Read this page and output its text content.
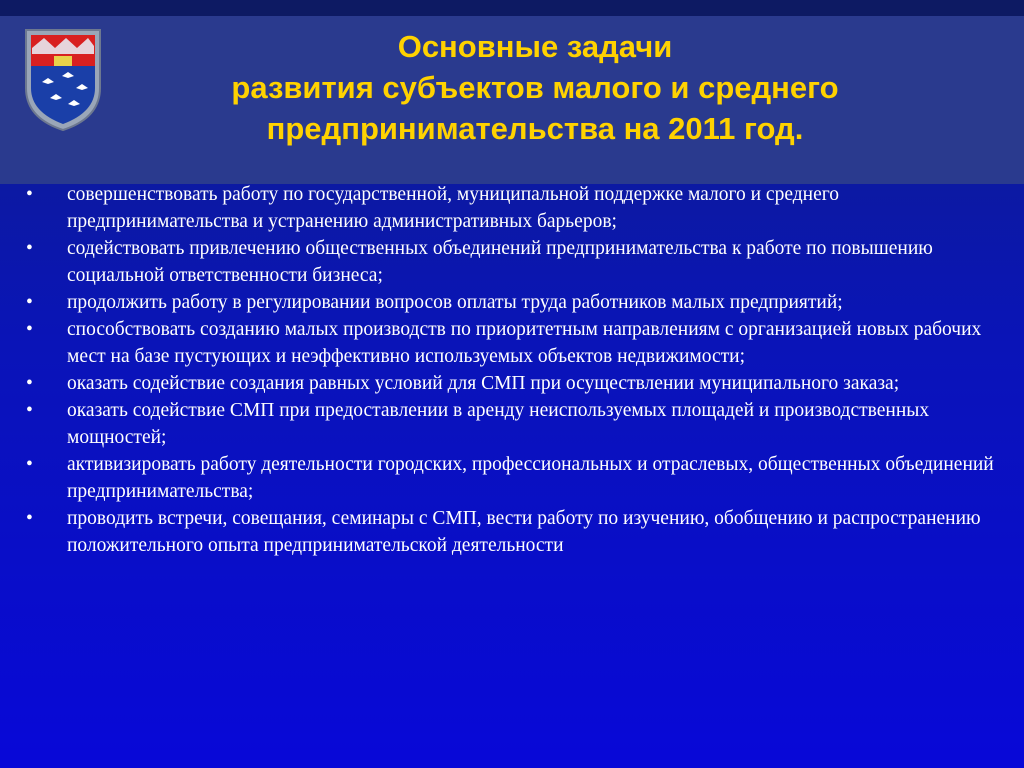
Основные задачи
развития субъектов малого и среднего
предпринимательства на 2011 год.
•	совершенствовать работу по государственной, муниципальной поддержке малого и среднего предпринимательства и устранению административных барьеров;
•	содействовать привлечению общественных объединений предпринимательства к работе по повышению социальной ответственности бизнеса;
•	продолжить работу в регулировании вопросов оплаты труда работников малых предприятий;
•	способствовать созданию малых производств по приоритетным направлениям с организацией новых рабочих мест на базе пустующих и неэффективно используемых объектов недвижимости;
•	оказать содействие создания равных условий для СМП при осуществлении муниципального заказа;
•	оказать содействие СМП при предоставлении в аренду неиспользуемых площадей и производственных мощностей;
•	активизировать работу деятельности городских, профессиональных и отраслевых, общественных объединений предпринимательства;
•	проводить встречи, совещания, семинары с СМП, вести работу по изучению, обобщению и распространению положительного опыта предпринимательской деятельности
